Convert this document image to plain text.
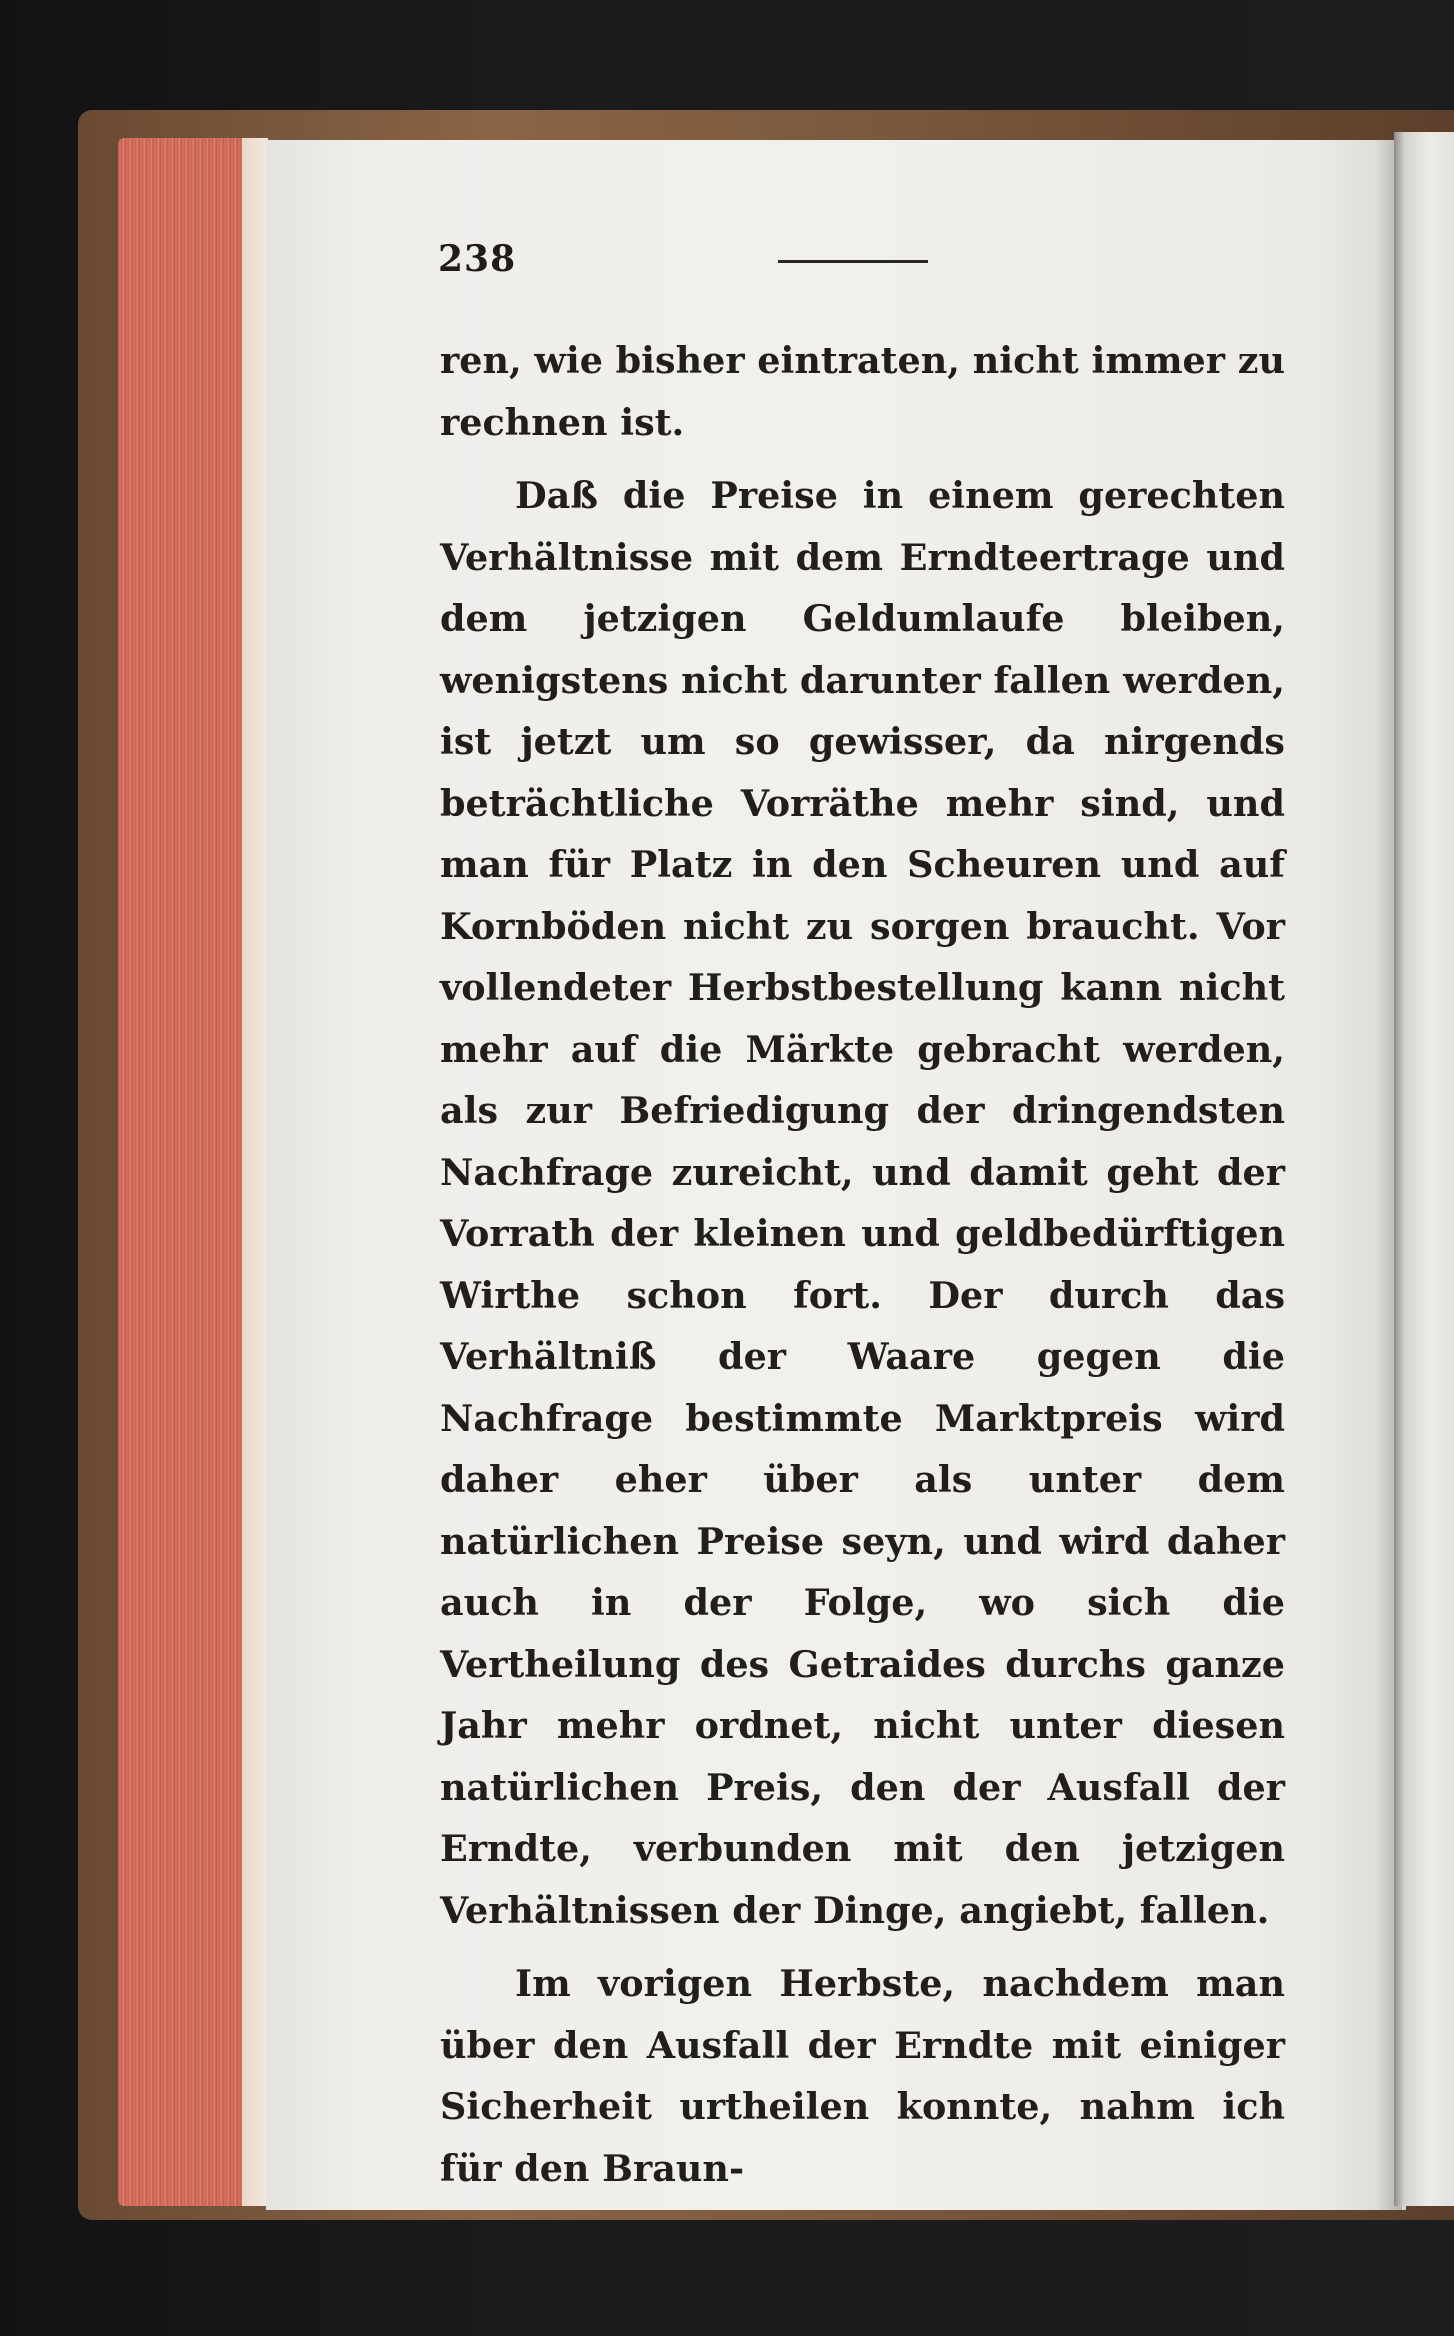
238

ren, wie bisher eintraten, nicht immer zu rechnen ist.

Daß die Preise in einem gerechten Verhältnisse mit dem Erndteertrage und dem jetzigen Geldumlaufe bleiben, wenigstens nicht darunter fallen werden, ist jetzt um so gewisser, da nirgends beträchtliche Vorräthe mehr sind, und man für Platz in den Scheuren und auf Kornböden nicht zu sorgen braucht. Vor vollendeter Herbstbestellung kann nicht mehr auf die Märkte gebracht werden, als zur Befriedigung der dringendsten Nachfrage zureicht, und damit geht der Vorrath der kleinen und geldbedürftigen Wirthe schon fort. Der durch das Verhältniß der Waare gegen die Nachfrage bestimmte Marktpreis wird daher eher über als unter dem natürlichen Preise seyn, und wird daher auch in der Folge, wo sich die Vertheilung des Getraides durchs ganze Jahr mehr ordnet, nicht unter diesen natürlichen Preis, den der Ausfall der Erndte, verbunden mit den jetzigen Verhältnissen der Dinge, angiebt, fallen.

Im vorigen Herbste, nachdem man über den Ausfall der Erndte mit einiger Sicherheit urtheilen konnte, nahm ich für den Braun-
